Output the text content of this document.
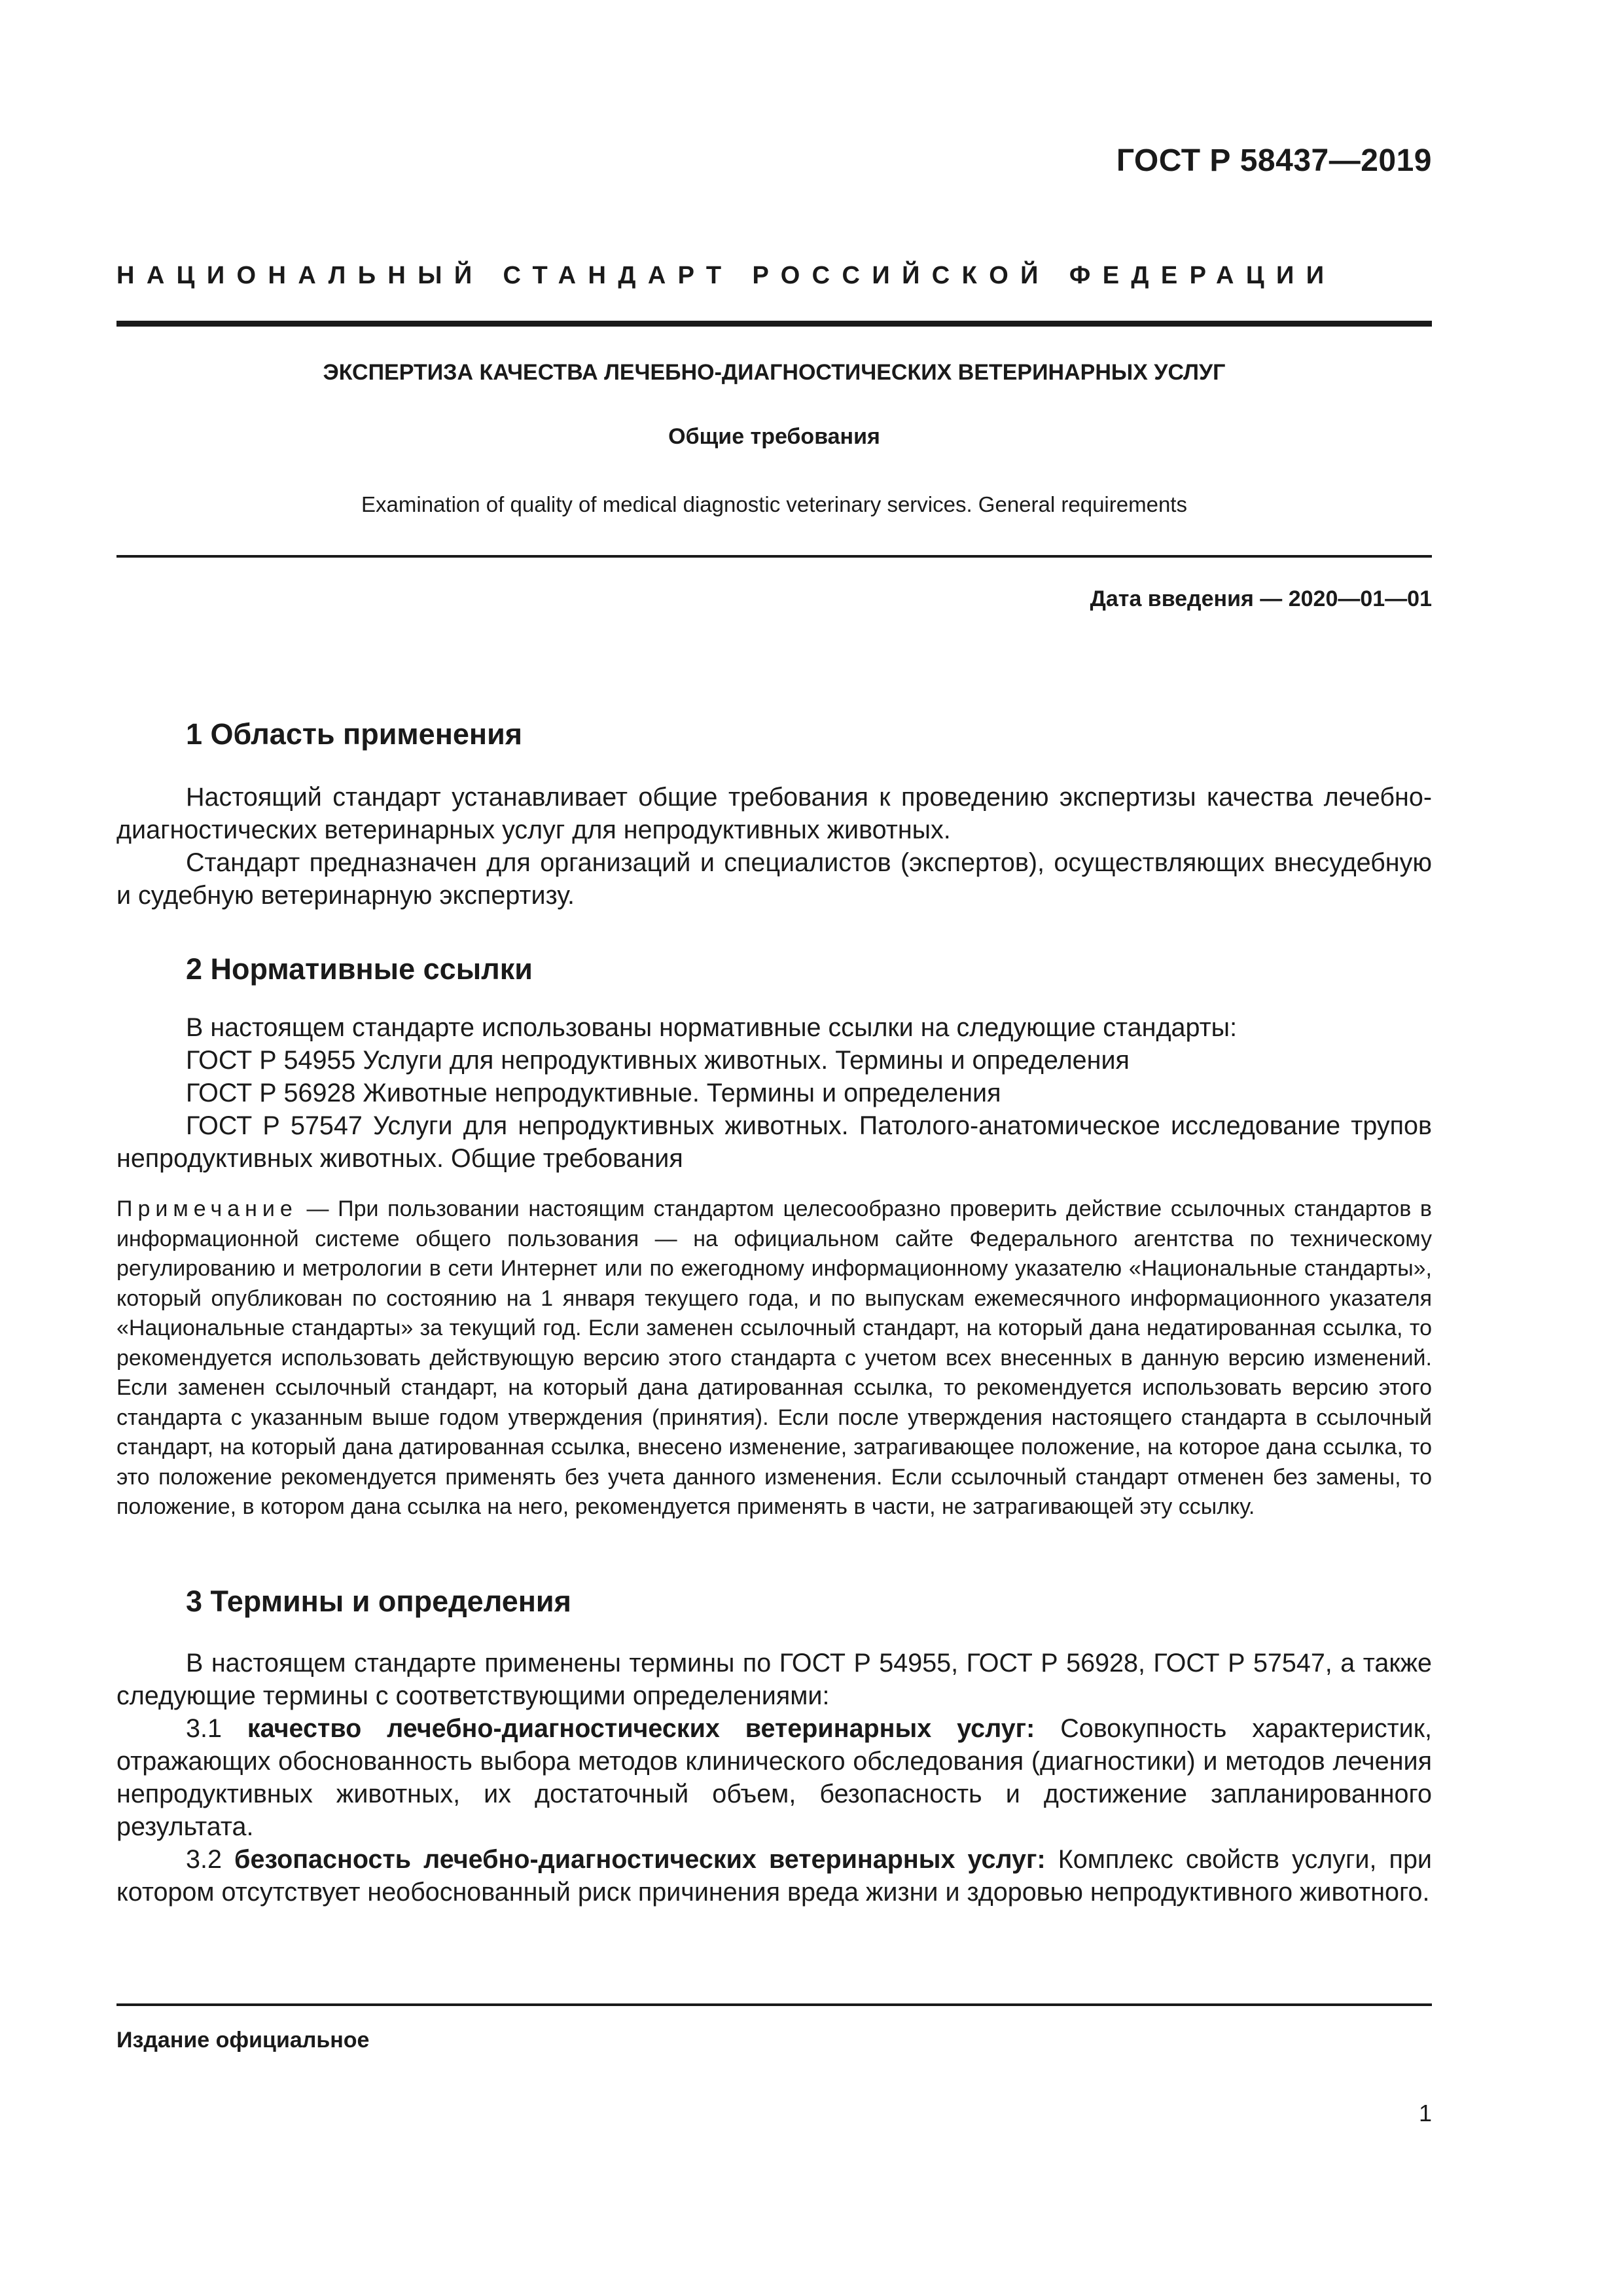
ГОСТ Р 58437—2019
НАЦИОНАЛЬНЫЙ СТАНДАРТ РОССИЙСКОЙ ФЕДЕРАЦИИ
ЭКСПЕРТИЗА КАЧЕСТВА ЛЕЧЕБНО-ДИАГНОСТИЧЕСКИХ ВЕТЕРИНАРНЫХ УСЛУГ
Общие требования
Examination of quality of medical diagnostic veterinary services. General requirements
Дата введения — 2020—01—01
1 Область применения

Настоящий стандарт устанавливает общие требования к проведению экспертизы качества лечебно-диагностических ветеринарных услуг для непродуктивных животных.

Стандарт предназначен для организаций и специалистов (экспертов), осуществляющих внесудебную и судебную ветеринарную экспертизу.

2 Нормативные ссылки

В настоящем стандарте использованы нормативные ссылки на следующие стандарты:

ГОСТ Р 54955 Услуги для непродуктивных животных. Термины и определения

ГОСТ Р 56928 Животные непродуктивные. Термины и определения

ГОСТ Р 57547 Услуги для непродуктивных животных. Патолого-анатомическое исследование трупов непродуктивных животных. Общие требования

Примечание — При пользовании настоящим стандартом целесообразно проверить действие ссылочных стандартов в информационной системе общего пользования — на официальном сайте Федерального агентства по техническому регулированию и метрологии в сети Интернет или по ежегодному информационному указателю «Национальные стандарты», который опубликован по состоянию на 1 января текущего года, и по выпускам ежемесячного информационного указателя «Национальные стандарты» за текущий год. Если заменен ссылочный стандарт, на который дана недатированная ссылка, то рекомендуется использовать действующую версию этого стандарта с учетом всех внесенных в данную версию изменений. Если заменен ссылочный стандарт, на который дана датированная ссылка, то рекомендуется использовать версию этого стандарта с указанным выше годом утверждения (принятия). Если после утверждения настоящего стандарта в ссылочный стандарт, на который дана датированная ссылка, внесено изменение, затрагивающее положение, на которое дана ссылка, то это положение рекомендуется применять без учета данного изменения. Если ссылочный стандарт отменен без замены, то положение, в котором дана ссылка на него, рекомендуется применять в части, не затрагивающей эту ссылку.
3 Термины и определения

В настоящем стандарте применены термины по ГОСТ Р 54955, ГОСТ Р 56928, ГОСТ Р 57547, а также следующие термины с соответствующими определениями:

3.1 качество лечебно-диагностических ветеринарных услуг: Совокупность характеристик, отражающих обоснованность выбора методов клинического обследования (диагностики) и методов лечения непродуктивных животных, их достаточный объем, безопасность и достижение запланированного результата.

3.2 безопасность лечебно-диагностических ветеринарных услуг: Комплекс свойств услуги, при котором отсутствует необоснованный риск причинения вреда жизни и здоровью непродуктивного животного.

Издание официальное
1
